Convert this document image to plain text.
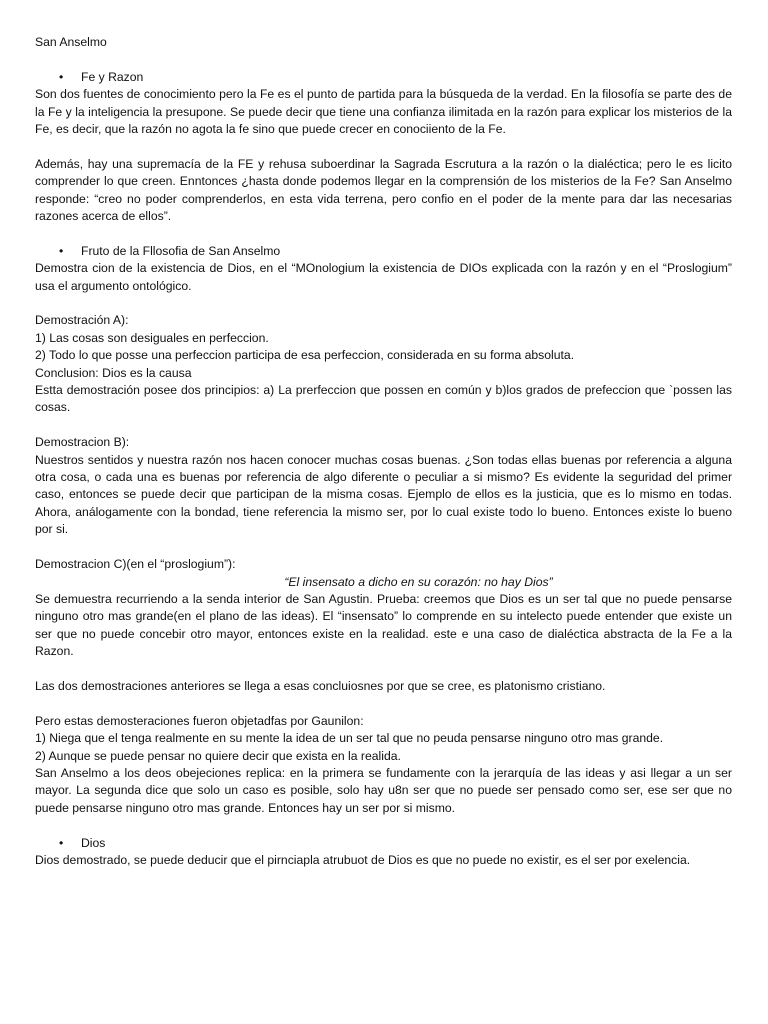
San Anselmo

• Fe y Razon

Son dos fuentes de conocimiento pero la Fe es el punto de partida para la búsqueda de la verdad. En la filosofía se parte des de la Fe y la inteligencia la presupone. Se puede decir que tiene una confianza ilimitada en la razón para explicar los misterios de la Fe, es decir, que la razón no agota la fe sino que puede crecer en conociiento de la Fe.

Además, hay una supremacía de la FE y rehusa suboerdinar la Sagrada Escrutura a la razón o la dialéctica; pero le es licito comprender lo que creen. Enntonces ¿hasta donde podemos llegar en la comprensión de los misterios de la Fe? San Anselmo responde: “creo no poder comprenderlos, en esta vida terrena, pero confio en el poder de la mente para dar las necesarias razones acerca de ellos”.

• Fruto de la Fllosofia de San Anselmo

Demostra cion de la existencia de Dios, en el “MOnologium la existencia de DIOs explicada con la razón y en el “Proslogium” usa el argumento ontológico.

Demostración A):

1) Las cosas son desiguales en perfeccion.

2) Todo lo que posse una perfeccion participa de esa perfeccion, considerada en su forma absoluta.

Conclusion: Dios es la causa

Estta demostración posee dos principios: a) La prerfeccion que possen en común y b)los grados de prefeccion que `possen las cosas.

Demostracion B):

Nuestros sentidos y nuestra razón nos hacen conocer muchas cosas buenas. ¿Son todas ellas buenas por referencia a alguna otra cosa, o cada una es buenas por referencia de algo diferente o peculiar a si mismo? Es evidente la seguridad del primer caso, entonces se puede decir que participan de la misma cosas. Ejemplo de ellos es la justicia, que es lo mismo en todas. Ahora, análogamente con la bondad, tiene referencia la mismo ser, por lo cual existe todo lo bueno. Entonces existe lo bueno por si.

Demostracion C)(en el “proslogium”):

“El insensato a dicho en su corazón: no hay Dios”

Se demuestra recurriendo a la senda interior de San Agustin. Prueba: creemos que Dios es un ser tal que no puede pensarse ninguno otro mas grande(en el plano de las ideas). El “insensato” lo comprende en su intelecto puede entender que existe un ser que no puede concebir otro mayor, entonces existe en la realidad. este e una caso de dialéctica abstracta de la Fe a la Razon.

Las dos demostraciones anteriores se llega a esas concluiosnes por que se cree, es platonismo cristiano.

Pero estas demosteraciones fueron objetadfas por Gaunilon:

1) Niega que el tenga realmente en su mente la idea de un ser tal que no peuda pensarse ninguno otro mas grande.

2) Aunque se puede pensar no quiere decir que exista en la realida.

San Anselmo a los deos obejeciones replica: en la primera se fundamente con la jerarquía de las ideas y asi llegar a un ser mayor. La segunda dice que solo un caso es posible, solo hay u8n ser que no puede ser pensado como ser, ese ser que no puede pensarse ninguno otro mas grande. Entonces hay un ser por si mismo.

• Dios

Dios demostrado, se puede deducir que el pirnciapla atrubuot de Dios es que no puede no existir, es el ser por exelencia.
